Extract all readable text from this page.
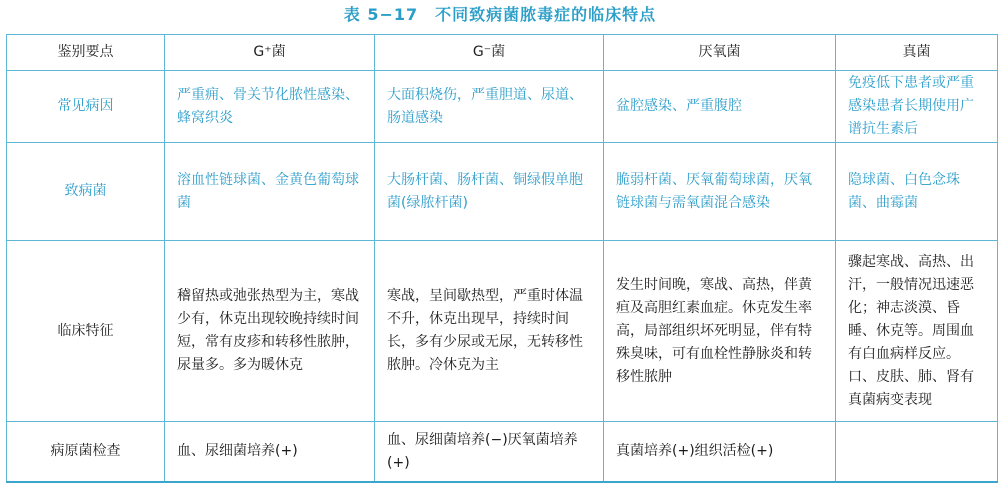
表 5−17　不同致病菌脓毒症的临床特点
鉴别要点	G⁺菌	G⁻菌	厌氧菌	真菌
常见病因	严重痈、骨关节化脓性感染、蜂窝织炎	大面积烧伤，严重胆道、尿道、肠道感染	盆腔感染、严重腹腔	免疫低下患者或严重感染患者长期使用广谱抗生素后
致病菌	溶血性链球菌、金黄色葡萄球菌	大肠杆菌、肠杆菌、铜绿假单胞菌(绿脓杆菌)	脆弱杆菌、厌氧葡萄球菌，厌氧链球菌与需氧菌混合感染	隐球菌、白色念珠菌、曲霉菌
临床特征	稽留热或弛张热型为主，寒战少有，休克出现较晚持续时间短，常有皮疹和转移性脓肿，尿量多。多为暖休克	寒战，呈间歇热型，严重时体温不升，休克出现早，持续时间长，多有少尿或无尿，无转移性脓肿。冷休克为主	发生时间晚，寒战、高热，伴黄疸及高胆红素血症。休克发生率高，局部组织坏死明显，伴有特殊臭味，可有血栓性静脉炎和转移性脓肿	骤起寒战、高热、出汗，一般情况迅速恶化；神志淡漠、昏睡、休克等。周围血有白血病样反应。口、皮肤、肺、肾有真菌病变表现
病原菌检查	血、尿细菌培养(+)	血、尿细菌培养(−)厌氧菌培养(+)	真菌培养(+)组织活检(+)	
